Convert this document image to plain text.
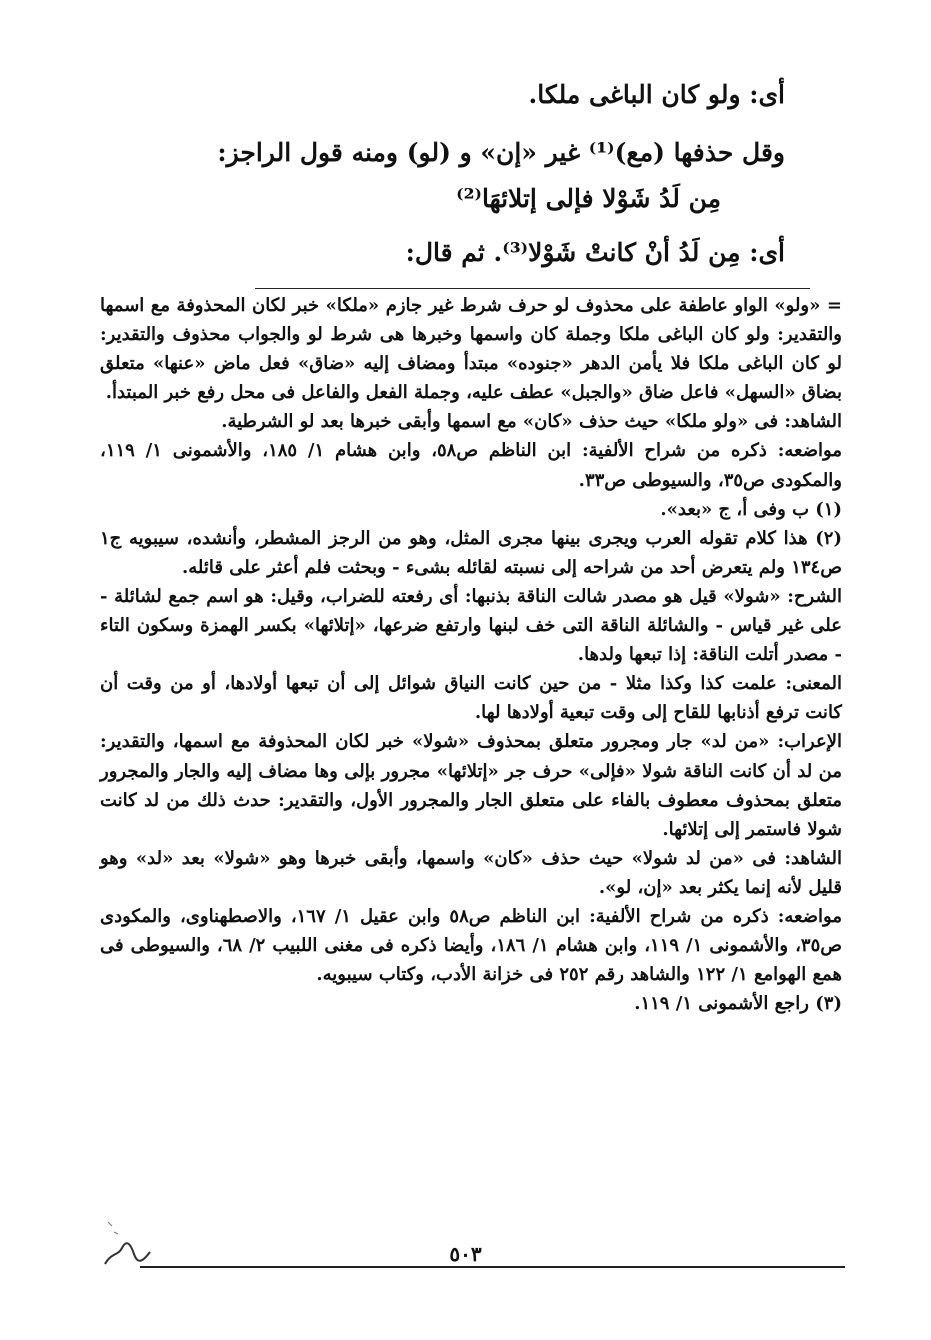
أى: ولو كان الباغى ملكا.
وقل حذفها (مع)⁽¹⁾ غير «إن» و (لو) ومنه قول الراجز:
مِن لَدُ شَوْلا فإلى إتلائهَا⁽²⁾
أى: مِن لَدُ أنْ كانتْ شَوْلا⁽³⁾. ثم قال:

= «ولو» الواو عاطفة على محذوف لو حرف شرط غير جازم «ملكا» خبر لكان المحذوفة مع اسمها والتقدير: ولو كان الباغى ملكا وجملة كان واسمها وخبرها هى شرط لو والجواب محذوف والتقدير: لو كان الباغى ملكا فلا يأمن الدهر «جنوده» مبتدأ ومضاف إليه «ضاق» فعل ماض «عنها» متعلق بضاق «السهل» فاعل ضاق «والجبل» عطف عليه، وجملة الفعل والفاعل فى محل رفع خبر المبتدأ.

الشاهد: فى «ولو ملكا» حيث حذف «كان» مع اسمها وأبقى خبرها بعد لو الشرطية.

مواضعه: ذكره من شراح الألفية: ابن الناظم ص٥٨، وابن هشام ١/ ١٨٥، والأشمونى ١/ ١١٩، والمكودى ص٣٥، والسيوطى ص٣٣.

(١) ب وفى أ، ج «بعد».

(٢) هذا كلام تقوله العرب ويجرى بينها مجرى المثل، وهو من الرجز المشطر، وأنشده، سيبويه ج١ ص١٣٤ ولم يتعرض أحد من شراحه إلى نسبته لقائله بشىء - وبحثت فلم أعثر على قائله.

الشرح: «شولا» قيل هو مصدر شالت الناقة بذنبها: أى رفعته للضراب، وقيل: هو اسم جمع لشائلة - على غير قياس - والشائلة الناقة التى خف لبنها وارتفع ضرعها، «إتلائها» بكسر الهمزة وسكون التاء - مصدر أتلت الناقة: إذا تبعها ولدها.

المعنى: علمت كذا وكذا مثلا - من حين كانت النياق شوائل إلى أن تبعها أولادها، أو من وقت أن كانت ترفع أذنابها للقاح إلى وقت تبعية أولادها لها.

الإعراب: «من لد» جار ومجرور متعلق بمحذوف «شولا» خبر لكان المحذوفة مع اسمها، والتقدير: من لد أن كانت الناقة شولا «فإلى» حرف جر «إتلائها» مجرور بإلى وها مضاف إليه والجار والمجرور متعلق بمحذوف معطوف بالفاء على متعلق الجار والمجرور الأول، والتقدير: حدث ذلك من لد كانت شولا فاستمر إلى إتلائها.

الشاهد: فى «من لد شولا» حيث حذف «كان» واسمها، وأبقى خبرها وهو «شولا» بعد «لد» وهو قليل لأنه إنما يكثر بعد «إن، لو».

مواضعه: ذكره من شراح الألفية: ابن الناظم ص٥٨ وابن عقيل ١/ ١٦٧، والاصطهناوى، والمكودى ص٣٥، والأشمونى ١/ ١١٩، وابن هشام ١/ ١٨٦، وأيضا ذكره فى مغنى اللبيب ٢/ ٦٨، والسيوطى فى همع الهوامع ١/ ١٢٢ والشاهد رقم ٢٥٢ فى خزانة الأدب، وكتاب سيبويه.

(٣) راجع الأشمونى ١/ ١١٩.

٥٠٣
